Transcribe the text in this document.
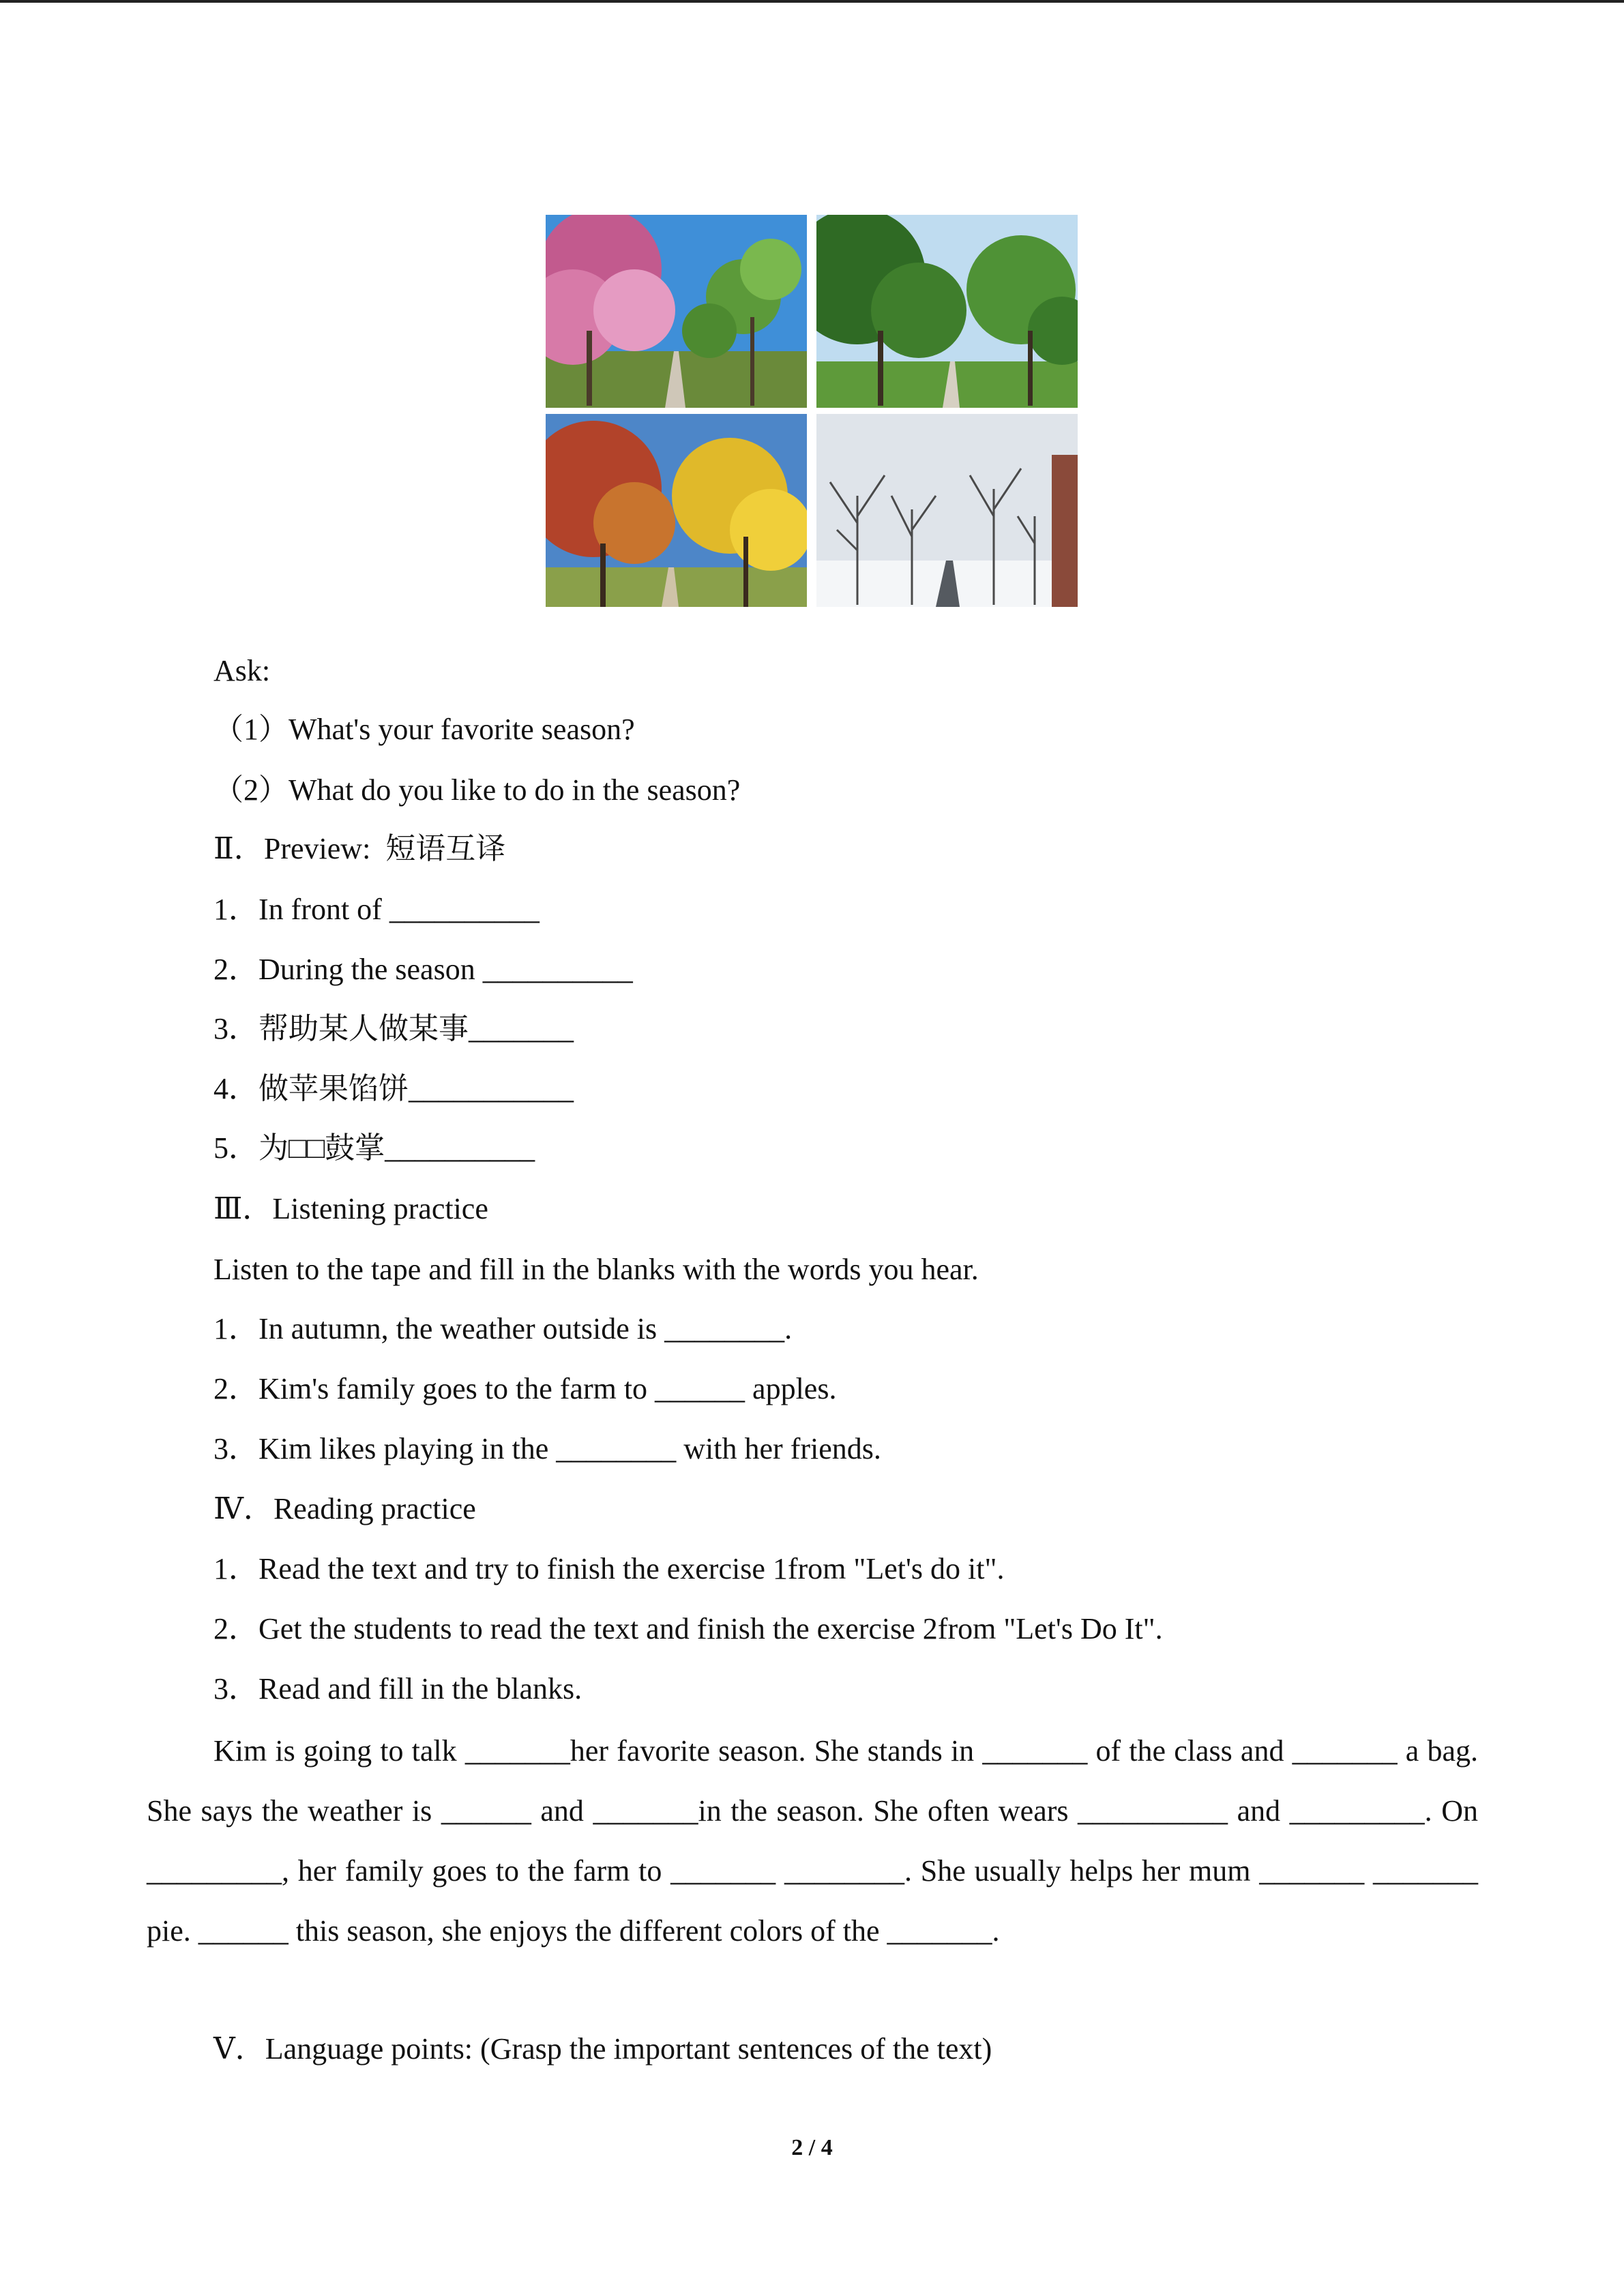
Ask:
（1）What's your favorite season?
（2）What do you like to do in the season?
Ⅱ．Preview:  短语互译
1．In front of __________
2．During the season __________
3．帮助某人做某事_______
4．做苹果馅饼___________
5．为□□鼓掌__________
Ⅲ．Listening practice
Listen to the tape and fill in the blanks with the words you hear.
1．In autumn, the weather outside is ________.
2．Kim's family goes to the farm to ______ apples.
3．Kim likes playing in the ________ with her friends.
Ⅳ．Reading practice
1．Read the text and try to finish the exercise 1from "Let's do it".
2．Get the students to read the text and finish the exercise 2from "Let's Do It".
3．Read and fill in the blanks.
Kim is going to talk _______her favorite season. She stands in _______ of the class and _______ a bag. She says the weather is ______ and _______in the season. She often wears __________ and _________. On _________, her family goes to the farm to _______ ________. She usually helps her mum _______ _______ pie. ______ this season, she enjoys the different colors of the _______.
Ⅴ．Language points: (Grasp the important sentences of the text)
2 / 4
